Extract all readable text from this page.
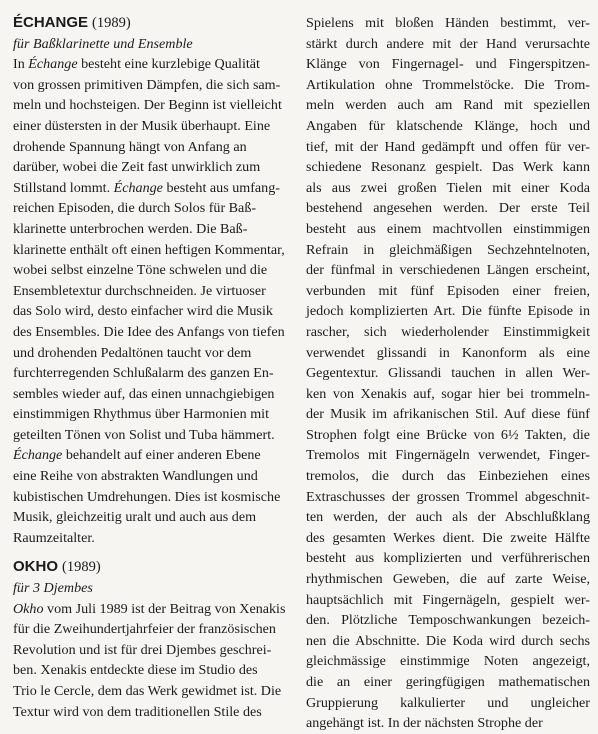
ÉCHANGE (1989)
für Baßklarinette und Ensemble
In Échange besteht eine kurzlebige Qualität
von grossen primitiven Dämpfen, die sich sam-
meln und hochsteigen. Der Beginn ist vielleicht
einer düstersten in der Musik überhaupt. Eine
drohende Spannung hängt von Anfang an
darüber, wobei die Zeit fast unwirklich zum
Stillstand lommt. Échange besteht aus umfang-
reichen Episoden, die durch Solos für Baß-
klarinette unterbrochen werden. Die Baß-
klarinette enthält oft einen heftigen Kommentar,
wobei selbst einzelne Töne schwelen und die
Ensembletextur durchschneiden. Je virtuoser
das Solo wird, desto einfacher wird die Musik
des Ensembles. Die Idee des Anfangs von tiefen
und drohenden Pedaltönen taucht vor dem
furchterregenden Schlußalarm des ganzen En-
sembles wieder auf, das einen unnachgiebigen
einstimmigen Rhythmus über Harmonien mit
geteilten Tönen von Solist und Tuba hämmert.
Échange behandelt auf einer anderen Ebene
eine Reihe von abstrakten Wandlungen und
kubistischen Umdrehungen. Dies ist kosmische
Musik, gleichzeitig uralt und auch aus dem
Raumzeitalter.
OKHO (1989)
für 3 Djembes
Okho vom Juli 1989 ist der Beitrag von Xenakis
für die Zweihundertjahrfeier der französischen
Revolution und ist für drei Djembes geschrei-
ben. Xenakis entdeckte diese im Studio des
Trio le Cercle, dem das Werk gewidmet ist. Die
Textur wird von dem traditionellen Stile des
Spielens mit bloßen Händen bestimmt, ver-
stärkt durch andere mit der Hand verursachte
Klänge von Fingernagel- und Fingerspitzen-
Artikulation ohne Trommelstöcke. Die Trom-
meln werden auch am Rand mit speziellen
Angaben für klatschende Klänge, hoch und
tief, mit der Hand gedämpft und offen für ver-
schiedene Resonanz gespielt. Das Werk kann
als aus zwei großen Tielen mit einer Koda
bestehend angesehen werden. Der erste Teil
besteht aus einem machtvollen einstimmigen
Refrain in gleichmäßigen Sechzehntelnoten,
der fünfmal in verschiedenen Längen erscheint,
verbunden mit fünf Episoden einer freien,
jedoch komplizierten Art. Die fünfte Episode in
rascher, sich wiederholender Einstimmigkeit
verwendet glissandi in Kanonform als eine
Gegentextur. Glissandi tauchen in allen Wer-
ken von Xenakis auf, sogar hier bei trommeln-
der Musik im afrikanischen Stil. Auf diese fünf
Strophen folgt eine Brücke von 6½ Takten, die
Tremolos mit Fingernägeln verwendet, Finger-
tremolos, die durch das Einbeziehen eines
Extraschusses der grossen Trommel abgeschnit-
ten werden, der auch als der Abschlußklang
des gesamten Werkes dient. Die zweite Hälfte
besteht aus komplizierten und verführerischen
rhythmischen Geweben, die auf zarte Weise,
hauptsächlich mit Fingernägeln, gespielt wer-
den. Plötzliche Temposchwankungen bezeich-
nen die Abschnitte. Die Koda wird durch sechs
gleichmässige einstimmige Noten angezeigt,
die an einer geringfügigen mathematischen
Gruppierung kalkulierter und ungleicher
angehängt ist. In der nächsten Strophe der
